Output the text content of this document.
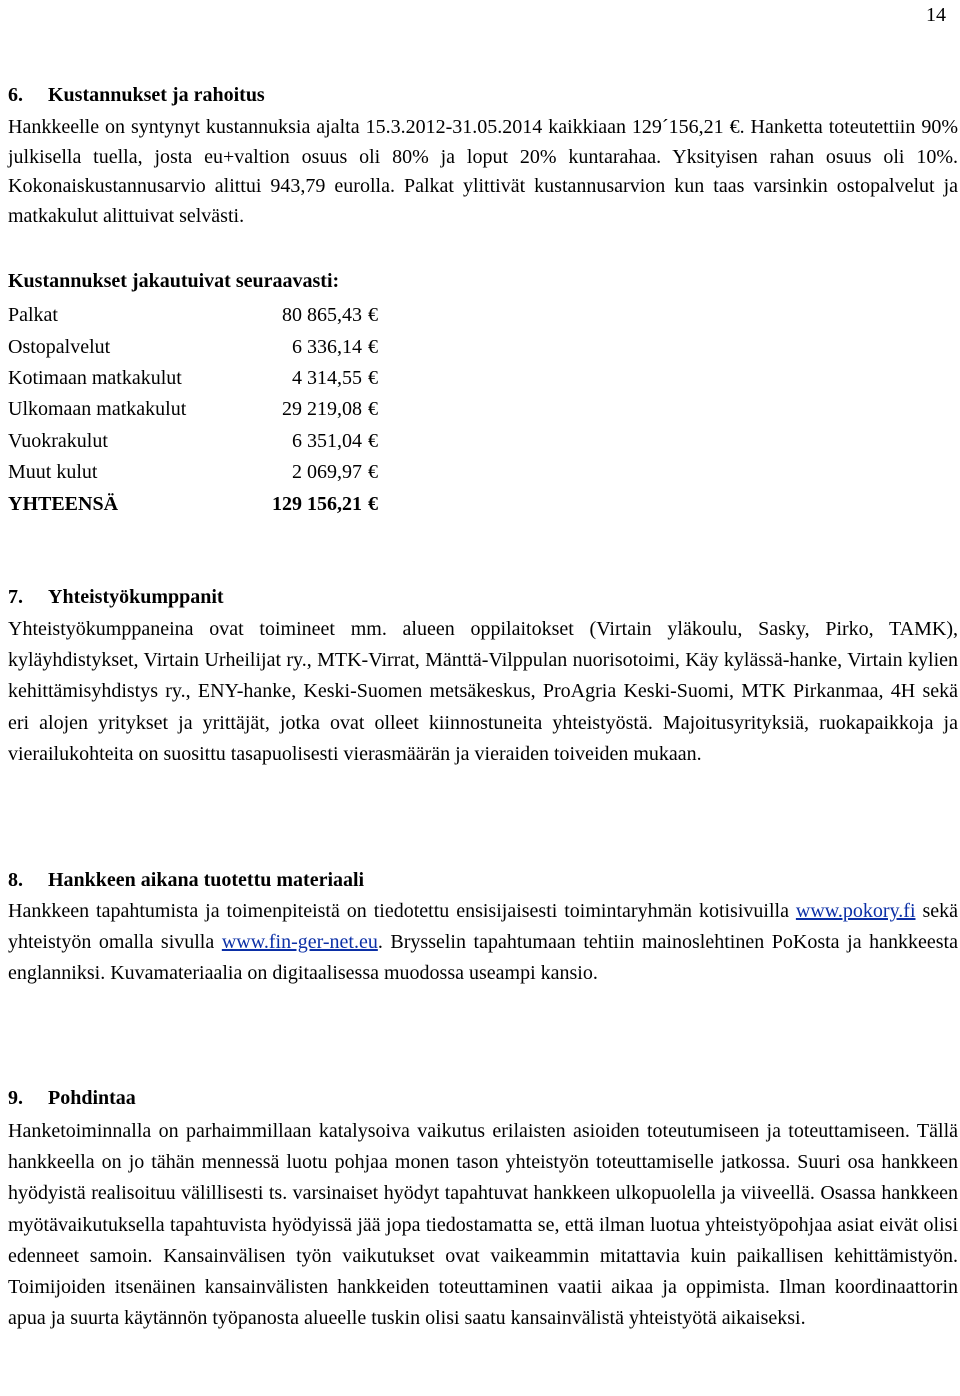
14
6. Kustannukset ja rahoitus

Hankkeelle on syntynyt kustannuksia ajalta 15.3.2012-31.05.2014 kaikkiaan 129´156,21 €. Hanketta toteutettiin 90% julkisella tuella, josta eu+valtion osuus oli 80% ja loput 20% kuntarahaa. Yksityisen rahan osuus oli 10%. Kokonaiskustannusarvio alittui 943,79 eurolla. Palkat ylittivät kustannusarvion kun taas varsinkin ostopalvelut ja matkakulut alittuivat selvästi.

Kustannukset jakautuivat seuraavasti:
Palkat	80 865,43	€
Ostopalvelut	6 336,14	€
Kotimaan matkakulut	4 314,55	€
Ulkomaan matkakulut	29 219,08	€
Vuokrakulut	6 351,04	€
Muut kulut	2 069,97	€
YHTEENSÄ	129 156,21	€
7. Yhteistyökumppanit

Yhteistyökumppaneina ovat toimineet mm. alueen oppilaitokset (Virtain yläkoulu, Sasky, Pirko, TAMK), kyläyhdistykset, Virtain Urheilijat ry., MTK-Virrat, Mänttä-Vilppulan nuorisotoimi, Käy kylässä-hanke, Virtain kylien kehittämisyhdistys ry., ENY-hanke, Keski-Suomen metsäkeskus, ProAgria Keski-Suomi, MTK Pirkanmaa, 4H sekä eri alojen yritykset ja yrittäjät, jotka ovat olleet kiinnostuneita yhteistyöstä. Majoitusyrityksiä, ruokapaikkoja ja vierailukohteita on suosittu tasapuolisesti vierasmäärän ja vieraiden toiveiden mukaan.

8. Hankkeen aikana tuotettu materiaali

Hankkeen tapahtumista ja toimenpiteistä on tiedotettu ensisijaisesti toimintaryhmän kotisivuilla www.pokory.fi sekä yhteistyön omalla sivulla www.fin-ger-net.eu. Brysselin tapahtumaan tehtiin mainoslehtinen PoKosta ja hankkeesta englanniksi. Kuvamateriaalia on digitaalisessa muodossa useampi kansio.

9. Pohdintaa

Hanketoiminnalla on parhaimmillaan katalysoiva vaikutus erilaisten asioiden toteutumiseen ja toteuttamiseen. Tällä hankkeella on jo tähän mennessä luotu pohjaa monen tason yhteistyön toteuttamiselle jatkossa. Suuri osa hankkeen hyödyistä realisoituu välillisesti ts. varsinaiset hyödyt tapahtuvat hankkeen ulkopuolella ja viiveellä. Osassa hankkeen myötävaikutuksella tapahtuvista hyödyissä jää jopa tiedostamatta se, että ilman luotua yhteistyöpohjaa asiat eivät olisi edenneet samoin. Kansainvälisen työn vaikutukset ovat vaikeammin mitattavia kuin paikallisen kehittämistyön. Toimijoiden itsenäinen kansainvälisten hankkeiden toteuttaminen vaatii aikaa ja oppimista. Ilman koordinaattorin apua ja suurta käytännön työpanosta alueelle tuskin olisi saatu kansainvälistä yhteistyötä aikaiseksi.
